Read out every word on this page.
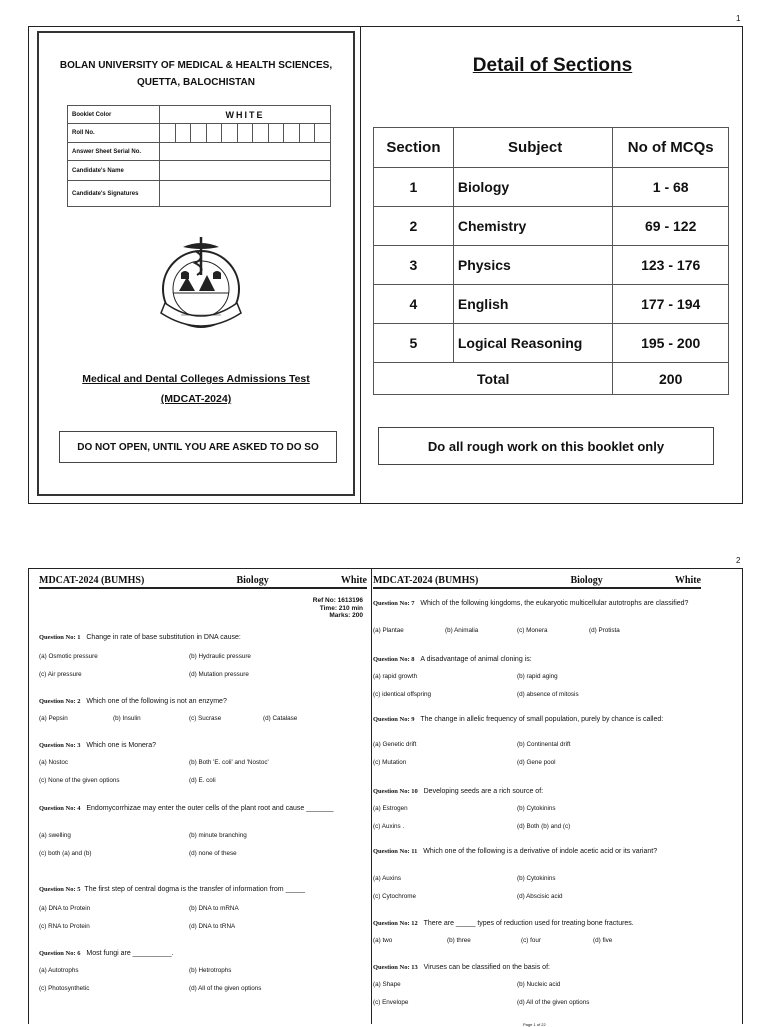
1
2
BOLAN UNIVERSITY OF MEDICAL & HEALTH SCIENCES,
QUETTA, BALOCHISTAN
Booklet Color	WHITE
Roll No.	

Answer Sheet Serial No.	
Candidate's Name	
Candidate's Signatures	
Medical and Dental Colleges Admissions Test
(MDCAT-2024)
DO NOT OPEN, UNTIL YOU ARE ASKED TO DO SO
Detail of Sections
Section	Subject	No of MCQs
1	Biology	1 - 68
2	Chemistry	69 - 122
3	Physics	123 - 176
4	English	177 - 194
5	Logical Reasoning	195 - 200
Total		200
Do all rough work on this booklet only
MDCAT-2024 (BUMHS)	Biology	White
Ref No: 1613196
Time: 210 min
Marks: 200
Question No: 1 Change in rate of base substitution in DNA cause:
(a) Osmotic pressure	(b) Hydraulic pressure
(c) Air pressure	(d) Mutation pressure
Question No: 2 Which one of the following is not an enzyme?
(a) Pepsin	(b) Insulin	(c) Sucrase	(d) Catalase
Question No: 3 Which one is Monera?
(a) Nostoc	(b) Both 'E. coli' and 'Nostoc'
(c) None of the given options	(d) E. coli
Question No: 4 Endomycorrhizae may enter the outer cells of the plant root and cause _______
(a) swelling	(b) minute branching
(c) both (a) and (b)	(d) none of these
Question No: 5 The first step of central dogma is the transfer of information from _____
(a) DNA to Protein	(b) DNA to mRNA
(c) RNA to Protein	(d) DNA to tRNA
Question No: 6 Most fungi are __________.
(a) Autotrophs	(b) Hetrotrophs
(c) Photosynthetic	(d) All of the given options
MDCAT-2024 (BUMHS)	Biology	White
Question No: 7 Which of the following kingdoms, the eukaryotic multicellular autotrophs are classified?
(a) Plantae	(b) Animalia	(c) Monera	(d) Protista
Question No: 8 A disadvantage of animal cloning is:
(a) rapid growth	(b) rapid aging
(c) identical offspring	(d) absence of mitosis
Question No: 9 The change in allelic frequency of small population, purely by chance is called:
(a) Genetic drift	(b) Continental drift
(c) Mutation	(d) Gene pool
Question No: 10 Developing seeds are a rich source of:
(a) Estrogen	(b) Cytokinins
(c) Auxins .	(d) Both (b) and (c)
Question No: 11 Which one of the following is a derivative of indole acetic acid or its variant?
(a) Auxins	(b) Cytokinins
(c) Cytochrome	(d) Abscisic acid
Question No: 12 There are _____ types of reduction used for treating bone fractures.
(a) two	(b) three	(c) four	(d) five
Question No: 13 Viruses can be classified on the basis of:
(a) Shape	(b) Nucleic acid
(c) Envelope	(d) All of the given options
Page 1 of 22
